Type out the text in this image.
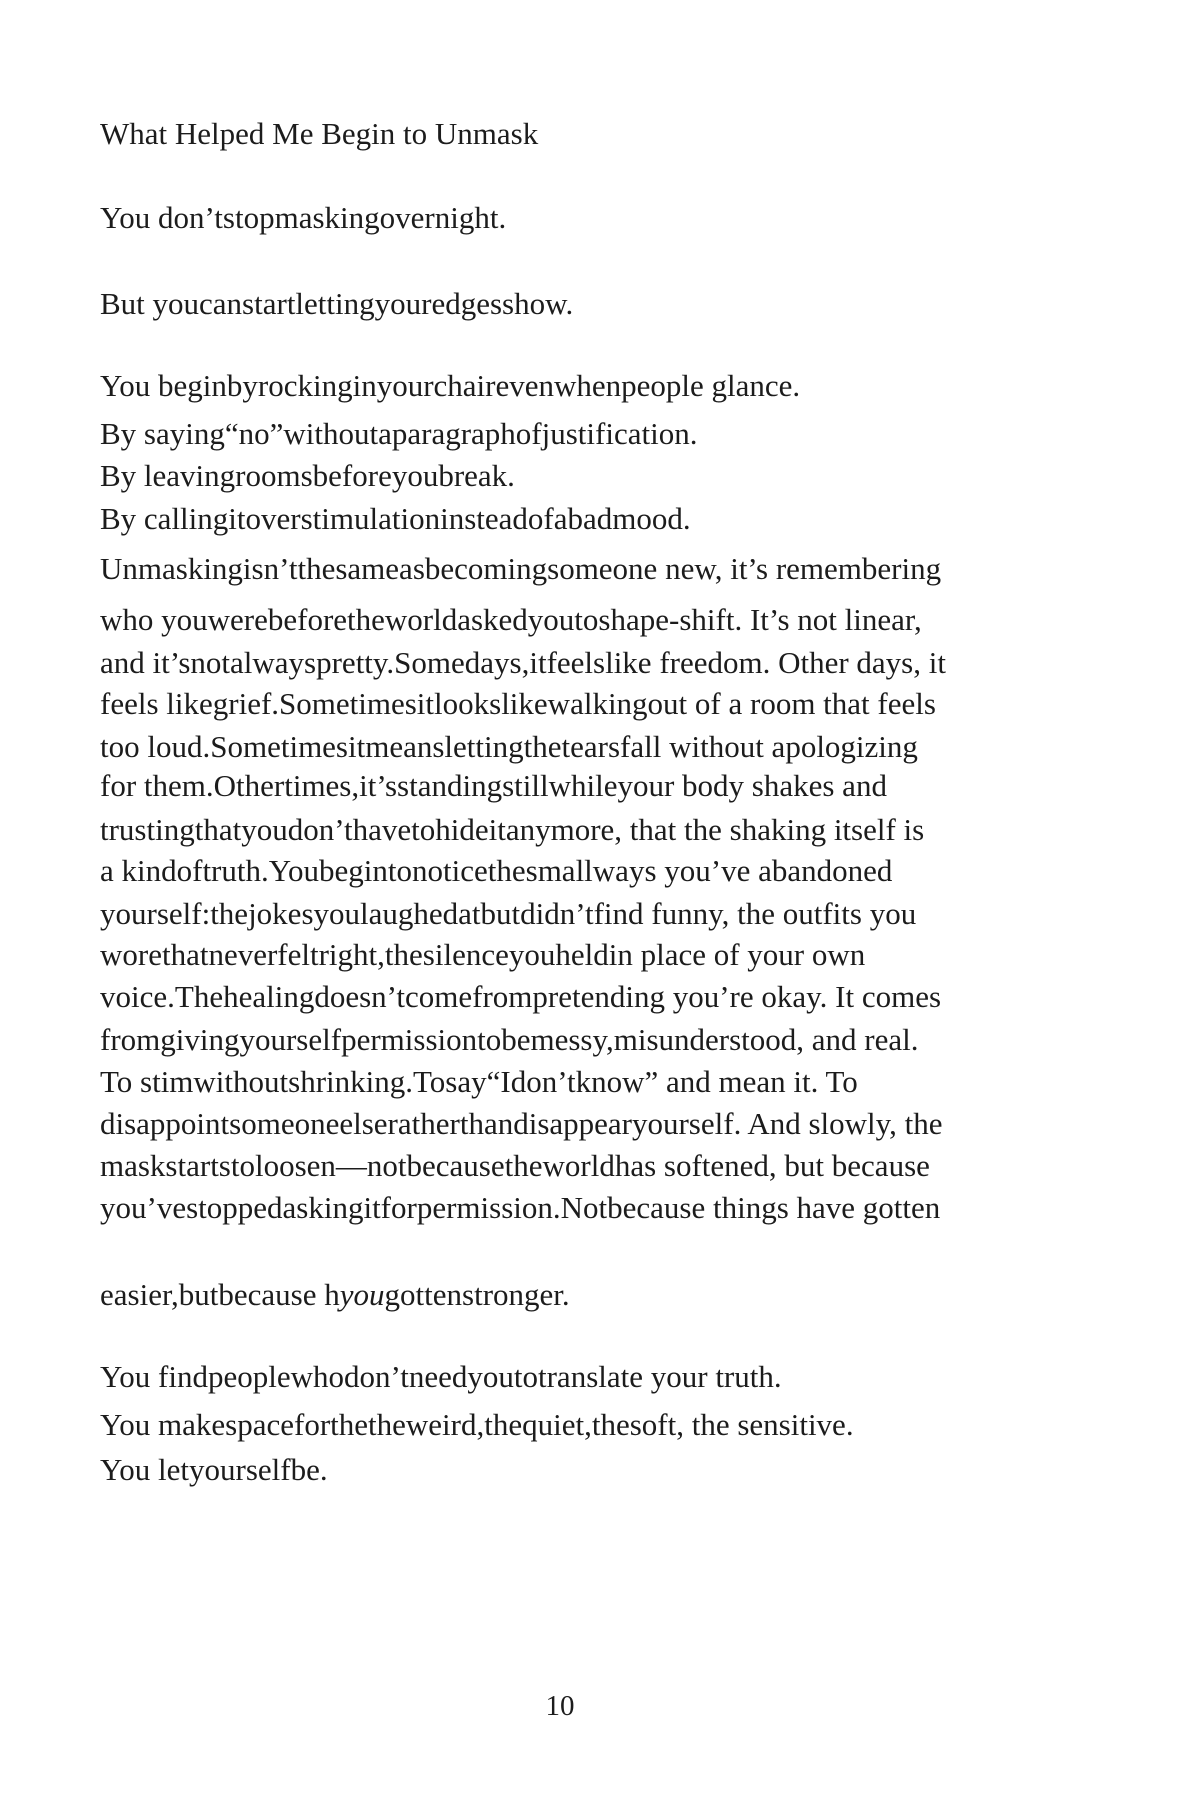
What Helped Me Begin to Unmask

You don’tstopmaskingovernight.

But youcanstartlettingyouredgesshow.

You beginbyrockinginyourchairevenwhenpeople glance.

By saying“no”withoutaparagraphofjustification.

By leavingroomsbeforeyoubreak.

By callingitoverstimulationinsteadofabadmood.

Unmaskingisn’tthesameasbecomingsomeone new, it’s remembering

who youwerebeforetheworldaskedyoutoshape-shift. It’s not linear,

and it’snotalwayspretty.Somedays,itfeelslike freedom. Other days, it

feels likegrief.Sometimesitlookslikewalkingout of a room that feels

too loud.Sometimesitmeanslettingthetearsfall without apologizing

for them.Othertimes,it’sstandingstillwhileyour body shakes and

trustingthatyoudon’thavetohideitanymore, that the shaking itself is

a kindoftruth.Youbegintonoticethesmallways you’ve abandoned

yourself:thejokesyoulaughedatbutdidn’tfind funny, the outfits you

worethatneverfeltright,thesilenceyouheldin place of your own

voice.Thehealingdoesn’tcomefrompretending you’re okay. It comes

fromgivingyourselfpermissiontobemessy,misunderstood, and real.

To stimwithoutshrinking.Tosay“Idon’tknow” and mean it. To

disappointsomeoneelseratherthandisappearyourself. And slowly, the

maskstartstoloosen—notbecausetheworldhas softened, but because

you’vestoppedaskingitforpermission.Notbecause things have gotten

easier,butbecause hyougottenstronger.

You findpeoplewhodon’tneedyoutotranslate your truth.

You makespaceforthetheweird,thequiet,thesoft, the sensitive.

You letyourselfbe.

10
